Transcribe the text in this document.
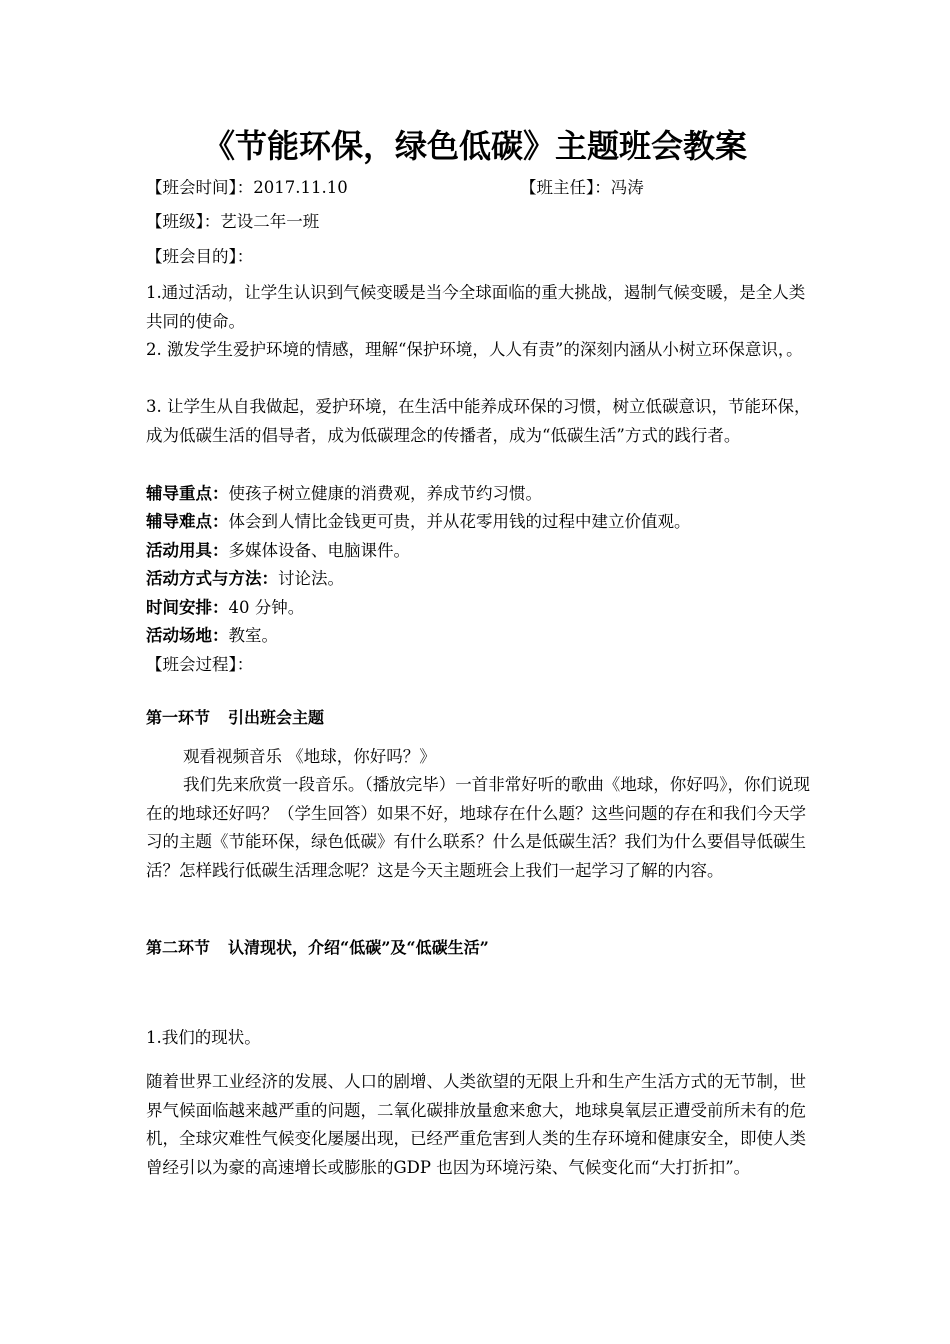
《节能环保，绿色低碳》主题班会教案
【班会时间】：2017.11.10	【班主任】：冯涛
【班级】：艺设二年一班
【班会目的】：
1.通过活动，让学生认识到气候变暖是当今全球面临的重大挑战，遏制气候变暖，是全人类共同的使命。
2. 激发学生爱护环境的情感，理解“保护环境，人人有责”的深刻内涵从小树立环保意识，。
3. 让学生从自我做起，爱护环境，在生活中能养成环保的习惯，树立低碳意识，节能环保，成为低碳生活的倡导者，成为低碳理念的传播者，成为“低碳生活”方式的践行者。
辅导重点：使孩子树立健康的消费观，养成节约习惯。
辅导难点：体会到人情比金钱更可贵，并从花零用钱的过程中建立价值观。
活动用具：多媒体设备、电脑课件。
活动方式与方法：讨论法。
时间安排：40 分钟。
活动场地：教室。
【班会过程】：
第一环节 引出班会主题
观看视频音乐 《地球，你好吗？》
我们先来欣赏一段音乐。（播放完毕）一首非常好听的歌曲《地球，你好吗》，你们说现在的地球还好吗？（学生回答）如果不好，地球存在什么题？这些问题的存在和我们今天学习的主题《节能环保，绿色低碳》有什么联系？什么是低碳生活？我们为什么要倡导低碳生活？怎样践行低碳生活理念呢？这是今天主题班会上我们一起学习了解的内容。
第二环节 认清现状，介绍“低碳”及“低碳生活”
1.我们的现状。
随着世界工业经济的发展、人口的剧增、人类欲望的无限上升和生产生活方式的无节制，世界气候面临越来越严重的问题，二氧化碳排放量愈来愈大，地球臭氧层正遭受前所未有的危机，全球灾难性气候变化屡屡出现，已经严重危害到人类的生存环境和健康安全，即使人类曾经引以为豪的高速增长或膨胀的GDP 也因为环境污染、气候变化而“大打折扣”。
